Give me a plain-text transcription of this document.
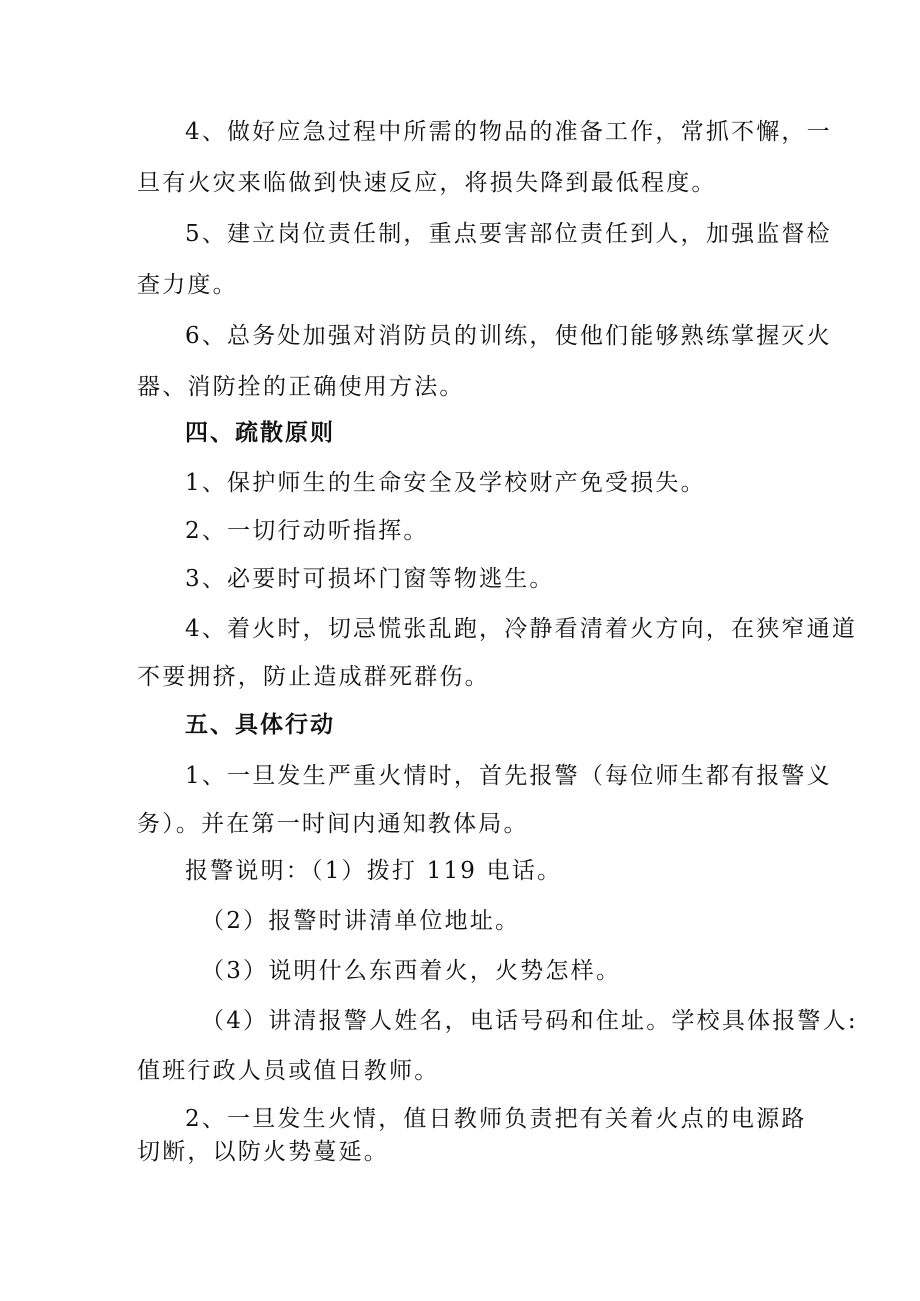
4、做好应急过程中所需的物品的准备工作，常抓不懈，一
旦有火灾来临做到快速反应，将损失降到最低程度。
5、建立岗位责任制，重点要害部位责任到人，加强监督检
查力度。
6、总务处加强对消防员的训练，使他们能够熟练掌握灭火
器、消防拴的正确使用方法。
四、疏散原则
1、保护师生的生命安全及学校财产免受损失。
2、一切行动听指挥。
3、必要时可损坏门窗等物逃生。
4、着火时，切忌慌张乱跑，冷静看清着火方向，在狭窄通道
不要拥挤，防止造成群死群伤。
五、具体行动
1、一旦发生严重火情时，首先报警（每位师生都有报警义
务）。并在第一时间内通知教体局。
报警说明：（1）拨打 119 电话。
（2）报警时讲清单位地址。
（3）说明什么东西着火，火势怎样。
（4）讲清报警人姓名，电话号码和住址。学校具体报警人:
值班行政人员或值日教师。
2、一旦发生火情，值日教师负责把有关着火点的电源路
切断，以防火势蔓延。
